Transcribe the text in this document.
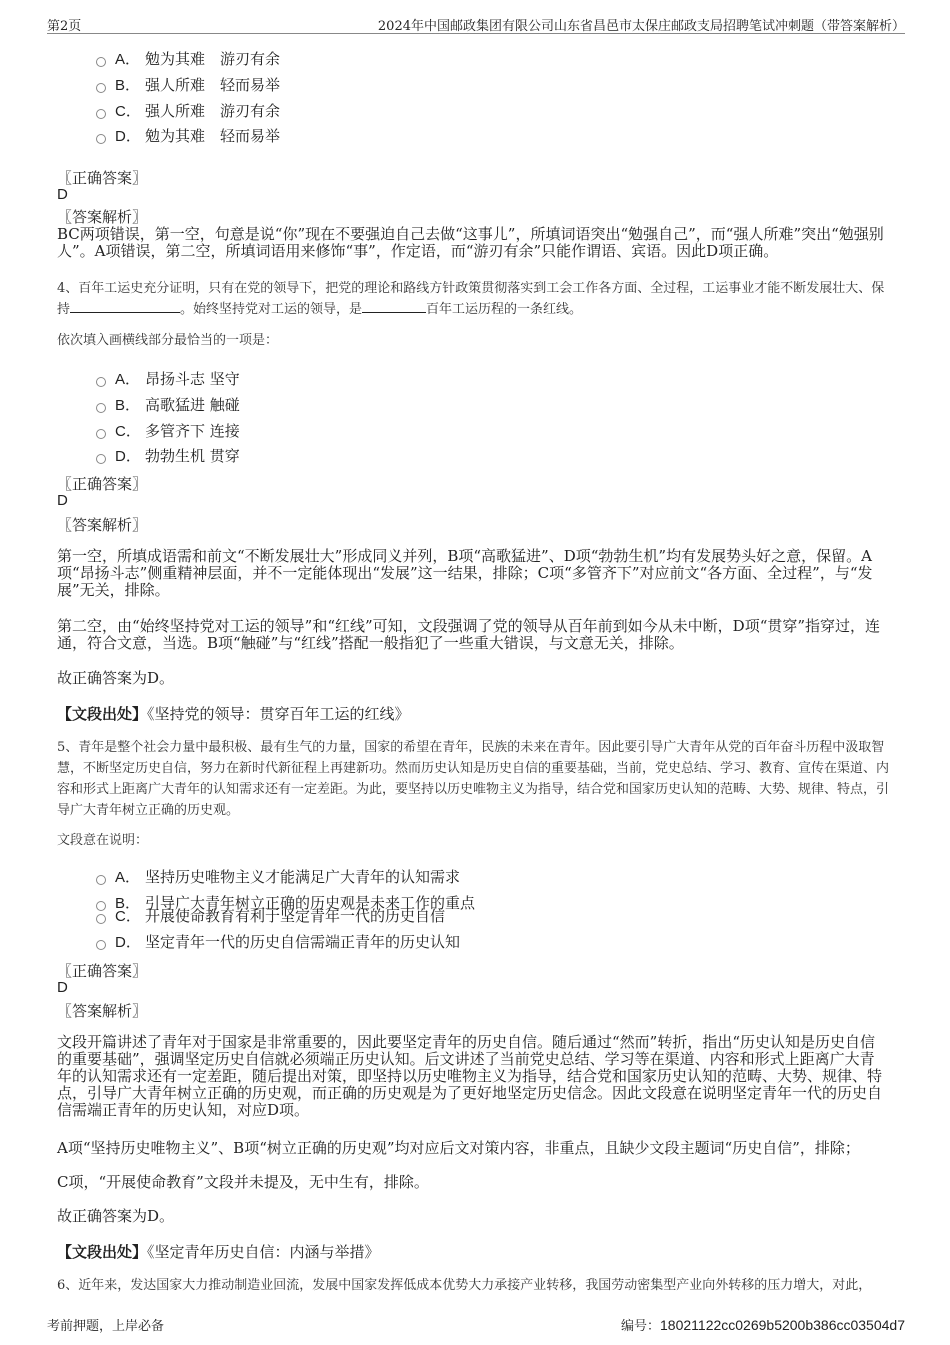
第2页	2024年中国邮政集团有限公司山东省昌邑市太保庄邮政支局招聘笔试冲刺题（带答案解析）
A． 勉为其难　游刃有余
B． 强人所难　轻而易举
C． 强人所难　游刃有余
D． 勉为其难　轻而易举
〖正确答案〗
D
〖答案解析〗
BC两项错误，第一空，句意是说“你”现在不要强迫自己去做“这事儿”，所填词语突出“勉强自己”，而“强人所难”突出“勉强别人”。A项错误，第二空，所填词语用来修饰“事”，作定语，而“游刃有余”只能作谓语、宾语。因此D项正确。
4、百年工运史充分证明，只有在党的领导下，把党的理论和路线方针政策贯彻落实到工会工作各方面、全过程，工运事业才能不断发展壮大、保持	。始终坚持党对工运的领导，是	百年工运历程的一条红线。
依次填入画横线部分最恰当的一项是：
A． 昂扬斗志 坚守
B． 高歌猛进 触碰
C． 多管齐下 连接
D． 勃勃生机 贯穿
〖正确答案〗
D
〖答案解析〗
第一空，所填成语需和前文“不断发展壮大”形成同义并列，B项“高歌猛进”、D项“勃勃生机”均有发展势头好之意，保留。A项“昂扬斗志”侧重精神层面，并不一定能体现出“发展”这一结果，排除；C项“多管齐下”对应前文“各方面、全过程”，与“发展”无关，排除。
第二空，由“始终坚持党对工运的领导”和“红线”可知，文段强调了党的领导从百年前到如今从未中断，D项“贯穿”指穿过，连通，符合文意，当选。B项“触碰”与“红线”搭配一般指犯了一些重大错误，与文意无关，排除。
故正确答案为D。
【文段出处】《坚持党的领导：贯穿百年工运的红线》
5、青年是整个社会力量中最积极、最有生气的力量，国家的希望在青年，民族的未来在青年。因此要引导广大青年从党的百年奋斗历程中汲取智慧，不断坚定历史自信，努力在新时代新征程上再建新功。然而历史认知是历史自信的重要基础，当前，党史总结、学习、教育、宣传在渠道、内容和形式上距离广大青年的认知需求还有一定差距。为此，要坚持以历史唯物主义为指导，结合党和国家历史认知的范畴、大势、规律、特点，引导广大青年树立正确的历史观。
文段意在说明：
A． 坚持历史唯物主义才能满足广大青年的认知需求
B． 引导广大青年树立正确的历史观是未来工作的重点
C． 开展使命教育有利于坚定青年一代的历史自信
D． 坚定青年一代的历史自信需端正青年的历史认知
〖正确答案〗
D
〖答案解析〗
文段开篇讲述了青年对于国家是非常重要的，因此要坚定青年的历史自信。随后通过“然而”转折，指出“历史认知是历史自信的重要基础”，强调坚定历史自信就必须端正历史认知。后文讲述了当前党史总结、学习等在渠道、内容和形式上距离广大青年的认知需求还有一定差距，随后提出对策，即坚持以历史唯物主义为指导，结合党和国家历史认知的范畴、大势、规律、特点，引导广大青年树立正确的历史观，而正确的历史观是为了更好地坚定历史信念。因此文段意在说明坚定青年一代的历史自信需端正青年的历史认知，对应D项。
A项“坚持历史唯物主义”、B项“树立正确的历史观”均对应后文对策内容，非重点，且缺少文段主题词“历史自信”，排除；
C项，“开展使命教育”文段并未提及，无中生有，排除。
故正确答案为D。
【文段出处】《坚定青年历史自信：内涵与举措》
6、近年来，发达国家大力推动制造业回流，发展中国家发挥低成本优势大力承接产业转移，我国劳动密集型产业向外转移的压力增大，对此，
考前押题，上岸必备	编号：18021122cc0269b5200b386cc03504d7
